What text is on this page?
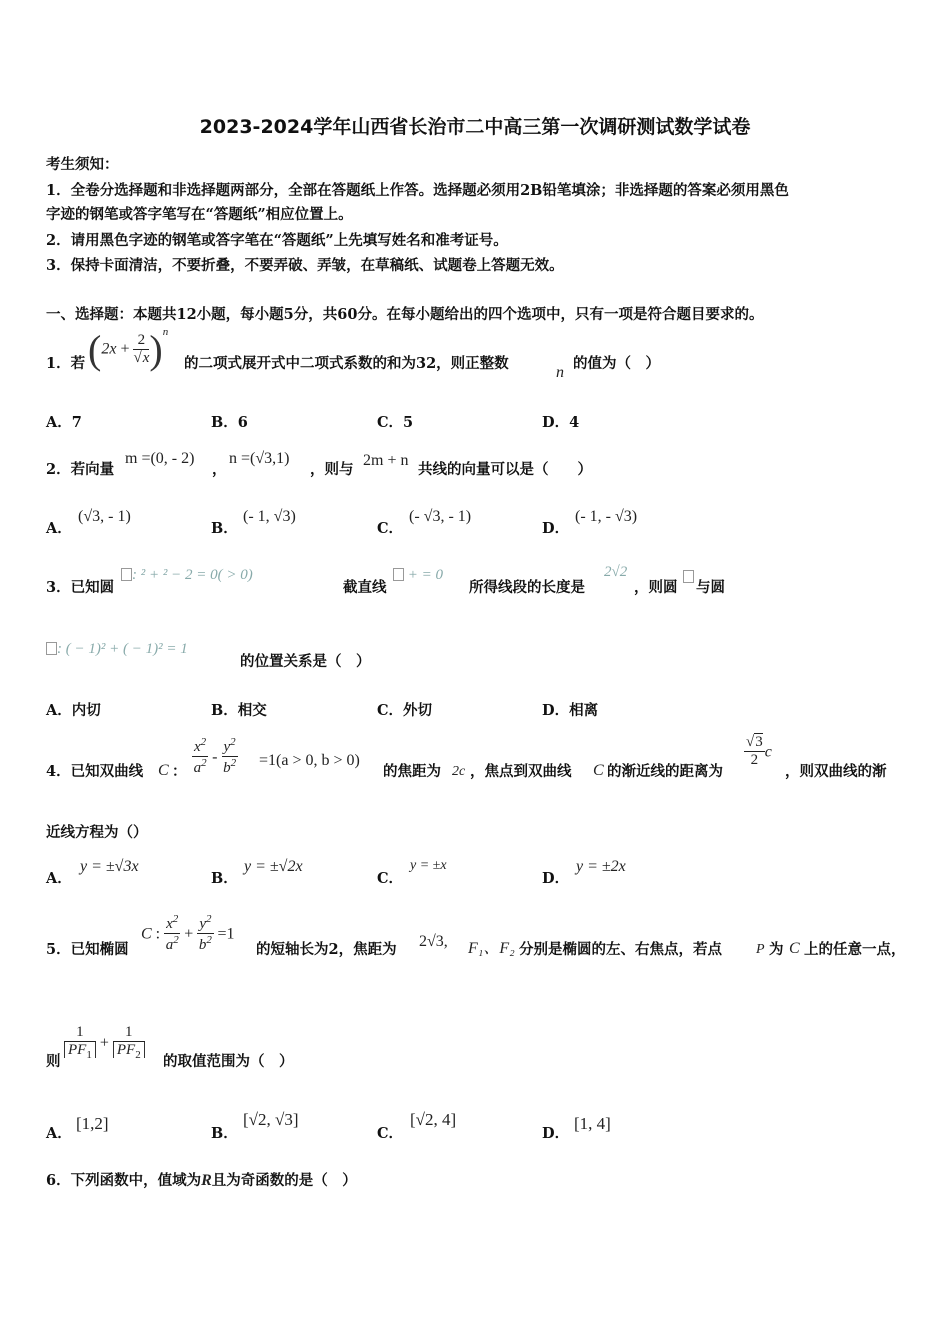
2023-2024学年山西省长治市二中高三第一次调研测试数学试卷
考生须知：
1．全卷分选择题和非选择题两部分，全部在答题纸上作答。选择题必须用2B铅笔填涂；非选择题的答案必须用黑色
字迹的钢笔或答字笔写在“答题纸”相应位置上。
2．请用黑色字迹的钢笔或答字笔在“答题纸”上先填写姓名和准考证号。
3．保持卡面清洁，不要折叠，不要弄破、弄皱，在草稿纸、试题卷上答题无效。
一、选择题：本题共12小题，每小题5分，共60分。在每小题给出的四个选项中，只有一项是符合题目要求的。
1．若 $(2x + \frac{2}{√x} )^n$
的二项式展开式中二项式系数的和为32，则正整数
n
的值为（　）
A．7	B．6	C．5	D．4
2．若向量
m =(0, - 2)
，
n =(√3,1)
，则与
2m + n
共线的向量可以是（　　）
A．
(√3, - 1)
B．
(- 1, √3)
C．
(- √3, - 1)
D．
(- 1, - √3)
3．已知圆
: ² + ² − 2 = 0( > 0)
截直线
+ = 0
所得线段的长度是
2√2
，则圆 与圆
: ( − 1)² + ( − 1)² = 1
的位置关系是（　）
A．内切	B．相交	C．外切	D．相离
4．已知双曲线 C ： $\frac{x^2}{a^2} - \frac{y^2}{b^2} =1(a > 0$, b > 0)
的焦距为 2c ，焦点到双曲线 C 的渐近线的距离为
$\frac{√3}{2}$ c
，则双曲线的渐
近线方程为（）
A．
y = ±√3x
B．
y = ±√2x
C．
y = ±x
D．
y = ±2x
5．已知椭圆
C : $\frac{x^2}{a^2} + \frac{y^2}{b^2} =1$
的短轴长为2，焦距为 2√3, F₁、F₂ 分别是椭圆的左、右焦点，若点 P 为 C 上的任意一点，
则 $\frac{1}{PF_1} + \frac{1}{PF_2}$ 的取值范围为（　）
A．
[1,2]
B．
[√2, √3]
C．
[√2, 4]
D．
[1, 4]
6．下列函数中，值域为R且为奇函数的是（　）
